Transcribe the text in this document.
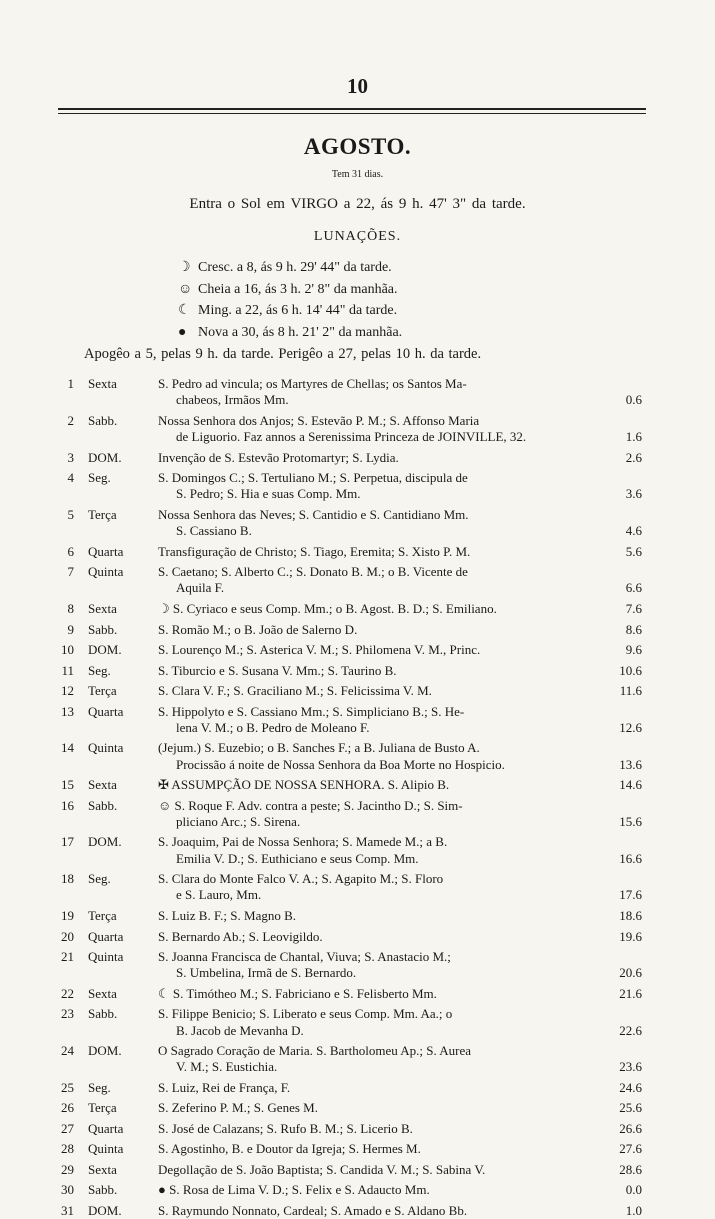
10
AGOSTO.
Tem 31 dias.
Entra o Sol em VIRGO a 22, ás 9 h. 47' 3" da tarde.
LUNAÇÕES.
☽ Cresc. a 8, ás 9 h. 29' 44" da tarde.
☺ Cheia a 16, ás 3 h. 2' 8" da manhãa.
☾ Ming. a 22, ás 6 h. 14' 44" da tarde.
● Nova a 30, ás 8 h. 21' 2" da manhãa.
Apogêo a 5, pelas 9 h. da tarde. Perigêo a 27, pelas 10 h. da tarde.
1 Sexta	S. Pedro ad vincula; os Martyres de Chellas; os Santos Ma-
chabeos, Irmãos Mm.	0.6
2 Sabb.	Nossa Senhora dos Anjos; S. Estevão P. M.; S. Affonso Maria
de Liguorio. Faz annos a Serenissima Princeza de JOINVILLE, 32.	1.6
3 DOM.	Invenção de S. Estevão Protomartyr; S. Lydia.	2.6
4 Seg.	S. Domingos C.; S. Tertuliano M.; S. Perpetua, discipula de
S. Pedro; S. Hia e suas Comp. Mm.	3.6
5 Terça	Nossa Senhora das Neves; S. Cantidio e S. Cantidiano Mm.
S. Cassiano B.	4.6
6 Quarta	Transfiguração de Christo; S. Tiago, Eremita; S. Xisto P. M.	5.6
7 Quinta	S. Caetano; S. Alberto C.; S. Donato B. M.; o B. Vicente de
Aquila F.	6.6
8 Sexta	☽ S. Cyriaco e seus Comp. Mm.; o B. Agost. B. D.; S. Emiliano.	7.6
9 Sabb.	S. Romão M.; o B. João de Salerno D.	8.6
10 DOM.	S. Lourenço M.; S. Asterica V. M.; S. Philomena V. M., Princ.	9.6
11 Seg.	S. Tiburcio e S. Susana V. Mm.; S. Taurino B.	10.6
12 Terça	S. Clara V. F.; S. Graciliano M.; S. Felicissima V. M.	11.6
13 Quarta	S. Hippolyto e S. Cassiano Mm.; S. Simpliciano B.; S. He-
lena V. M.; o B. Pedro de Moleano F.	12.6
14 Quinta	(Jejum.) S. Euzebio; o B. Sanches F.; a B. Juliana de Busto A.
Procissão á noite de Nossa Senhora da Boa Morte no Hospicio.	13.6
15 Sexta	✠ ASSUMPÇÃO DE NOSSA SENHORA. S. Alipio B.	14.6
16 Sabb.	☺ S. Roque F. Adv. contra a peste; S. Jacintho D.; S. Sim-
pliciano Arc.; S. Sirena.	15.6
17 DOM.	S. Joaquim, Pai de Nossa Senhora; S. Mamede M.; a B.
Emilia V. D.; S. Euthiciano e seus Comp. Mm.	16.6
18 Seg.	S. Clara do Monte Falco V. A.; S. Agapito M.; S. Floro
e S. Lauro, Mm.	17.6
19 Terça	S. Luiz B. F.; S. Magno B.	18.6
20 Quarta	S. Bernardo Ab.; S. Leovigildo.	19.6
21 Quinta	S. Joanna Francisca de Chantal, Viuva; S. Anastacio M.;
S. Umbelina, Irmã de S. Bernardo.	20.6
22 Sexta	☾ S. Timótheo M.; S. Fabriciano e S. Felisberto Mm.	21.6
23 Sabb.	S. Filippe Benicio; S. Liberato e seus Comp. Mm. Aa.; o
B. Jacob de Mevanha D.	22.6
24 DOM.	O Sagrado Coração de Maria. S. Bartholomeu Ap.; S. Aurea
V. M.; S. Eustichia.	23.6
25 Seg.	S. Luiz, Rei de França, F.	24.6
26 Terça	S. Zeferino P. M.; S. Genes M.	25.6
27 Quarta	S. José de Calazans; S. Rufo B. M.; S. Licerio B.	26.6
28 Quinta	S. Agostinho, B. e Doutor da Igreja; S. Hermes M.	27.6
29 Sexta	Degollação de S. João Baptista; S. Candida V. M.; S. Sabina V.	28.6
30 Sabb.	● S. Rosa de Lima V. D.; S. Felix e S. Adaucto Mm.	0.0
31 DOM.	S. Raymundo Nonnato, Cardeal; S. Amado e S. Aldano Bb.	1.0
